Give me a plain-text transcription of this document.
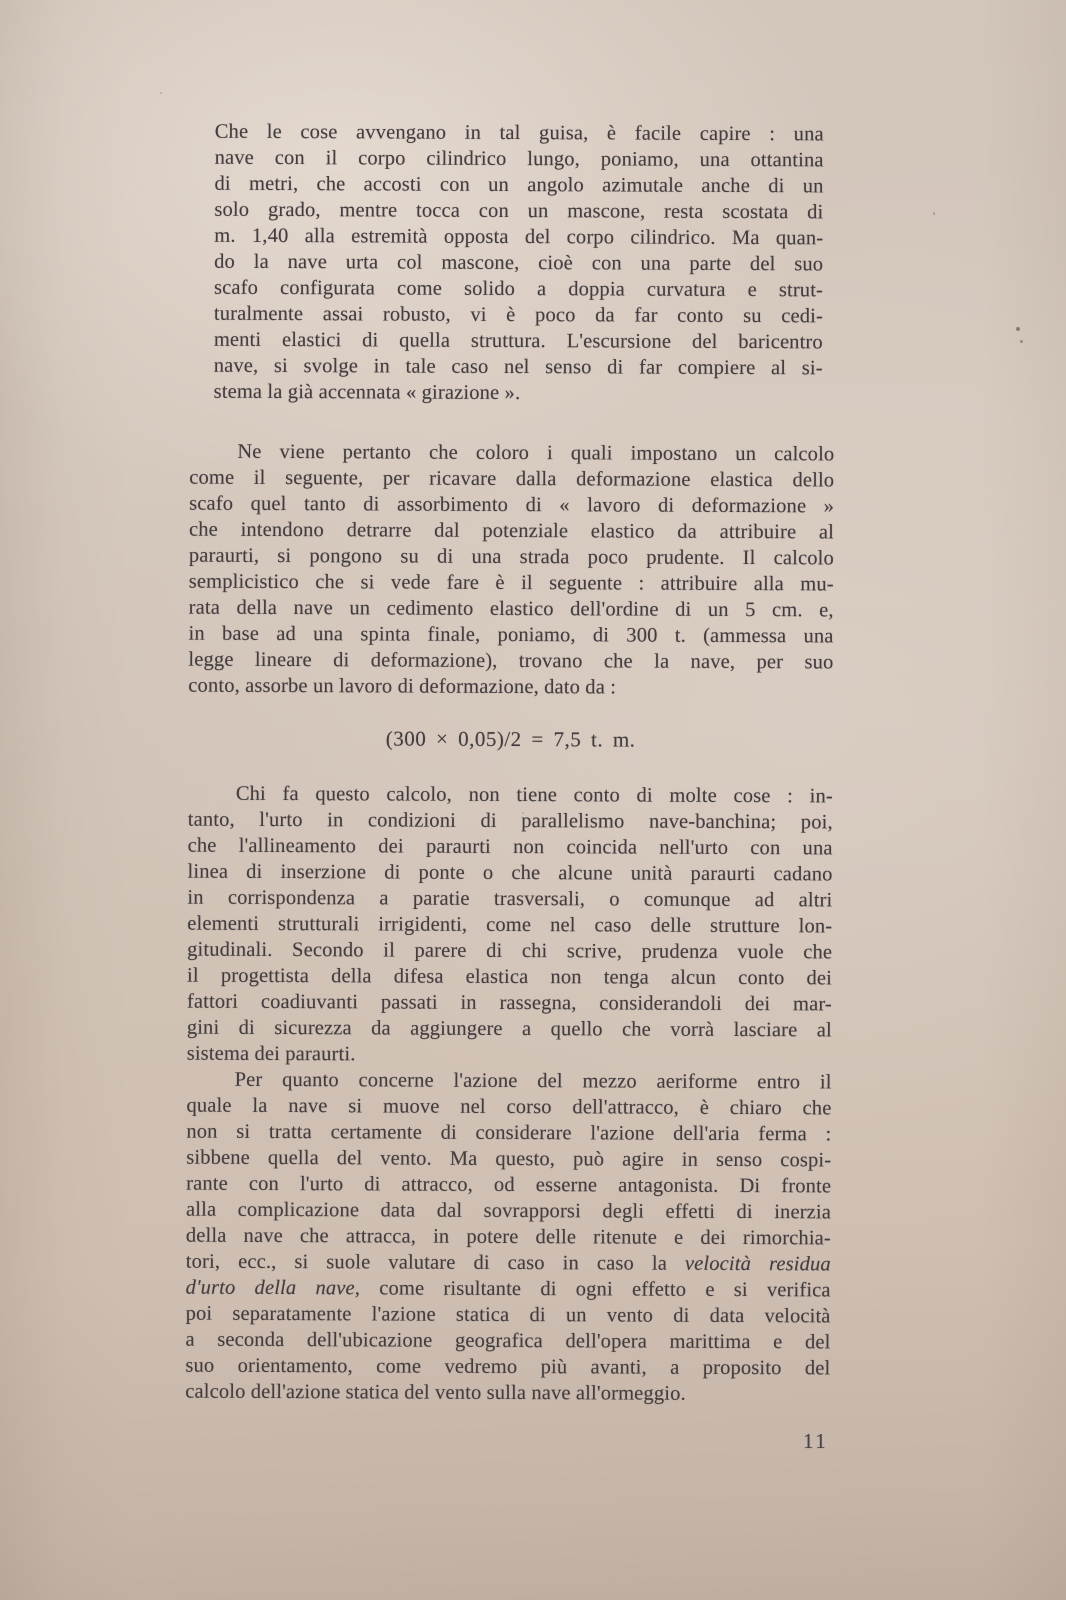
Che le cose avvengano in tal guisa, è facile capire : una
nave con il corpo cilindrico lungo, poniamo, una ottantina
di metri, che accosti con un angolo azimutale anche di un
solo grado, mentre tocca con un mascone, resta scostata di
m. 1,40 alla estremità opposta del corpo cilindrico. Ma quan-
do la nave urta col mascone, cioè con una parte del suo
scafo configurata come solido a doppia curvatura e strut-
turalmente assai robusto, vi è poco da far conto su cedi-
menti elastici di quella struttura. L'escursione del baricentro
nave, si svolge in tale caso nel senso di far compiere al si-
stema la già accennata « girazione ».
Ne viene pertanto che coloro i quali impostano un calcolo
come il seguente, per ricavare dalla deformazione elastica dello
scafo quel tanto di assorbimento di « lavoro di deformazione »
che intendono detrarre dal potenziale elastico da attribuire al
paraurti, si pongono su di una strada poco prudente. Il calcolo
semplicistico che si vede fare è il seguente : attribuire alla mu-
rata della nave un cedimento elastico dell'ordine di un 5 cm. e,
in base ad una spinta finale, poniamo, di 300 t. (ammessa una
legge lineare di deformazione), trovano che la nave, per suo
conto, assorbe un lavoro di deformazione, dato da :
(300 × 0,05)/2 = 7,5 t. m.
Chi fa questo calcolo, non tiene conto di molte cose : in-
tanto, l'urto in condizioni di parallelismo nave-banchina; poi,
che l'allineamento dei paraurti non coincida nell'urto con una
linea di inserzione di ponte o che alcune unità paraurti cadano
in corrispondenza a paratie trasversali, o comunque ad altri
elementi strutturali irrigidenti, come nel caso delle strutture lon-
gitudinali. Secondo il parere di chi scrive, prudenza vuole che
il progettista della difesa elastica non tenga alcun conto dei
fattori coadiuvanti passati in rassegna, considerandoli dei mar-
gini di sicurezza da aggiungere a quello che vorrà lasciare al
sistema dei paraurti.
Per quanto concerne l'azione del mezzo aeriforme entro il
quale la nave si muove nel corso dell'attracco, è chiaro che
non si tratta certamente di considerare l'azione dell'aria ferma :
sibbene quella del vento. Ma questo, può agire in senso cospi-
rante con l'urto di attracco, od esserne antagonista. Di fronte
alla complicazione data dal sovrapporsi degli effetti di inerzia
della nave che attracca, in potere delle ritenute e dei rimorchia-
tori, ecc., si suole valutare di caso in caso la velocità residua
d'urto della nave, come risultante di ogni effetto e si verifica
poi separatamente l'azione statica di un vento di data velocità
a seconda dell'ubicazione geografica dell'opera marittima e del
suo orientamento, come vedremo più avanti, a proposito del
calcolo dell'azione statica del vento sulla nave all'ormeggio.
11
